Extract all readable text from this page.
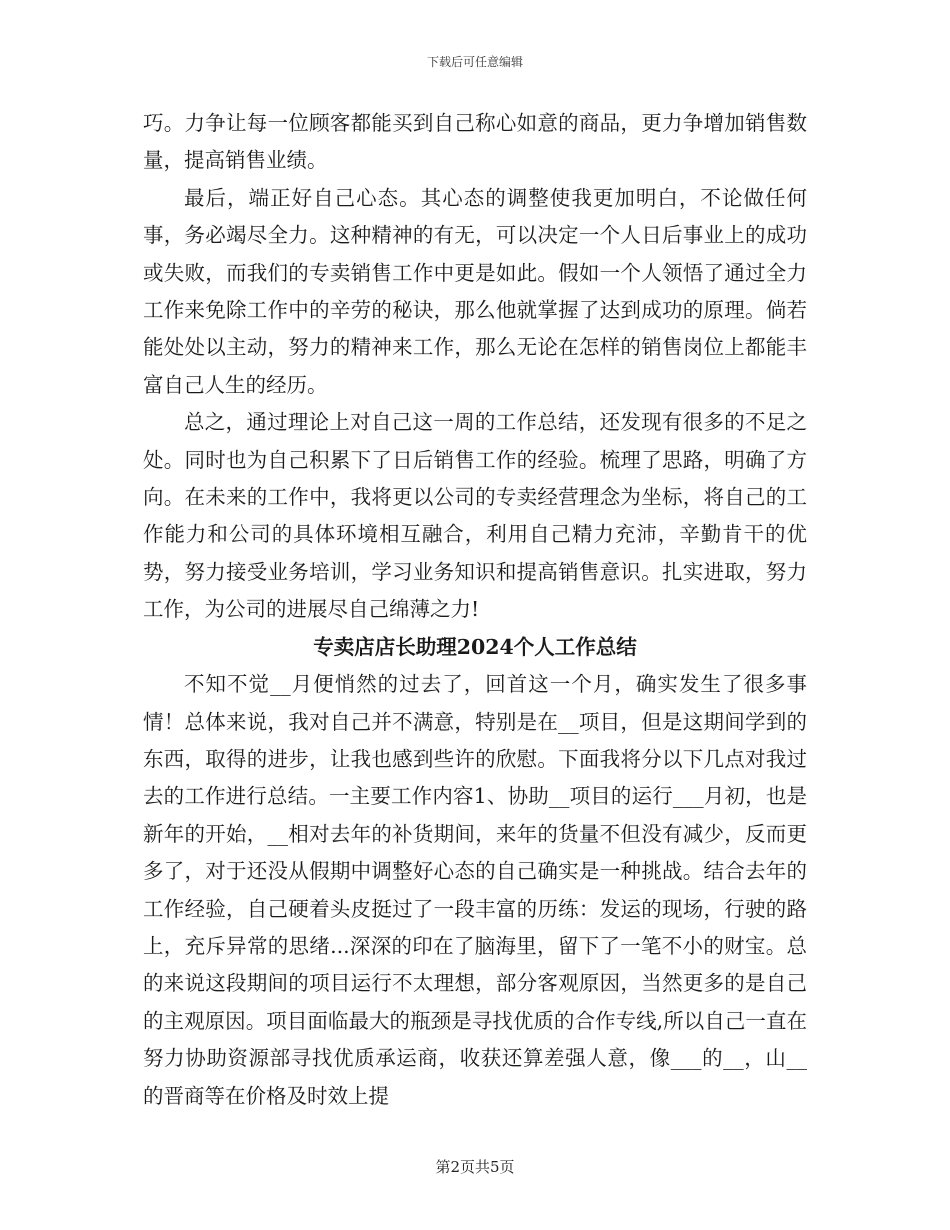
下载后可任意编辑

巧。力争让每一位顾客都能买到自己称心如意的商品，更力争增加销售数量，提高销售业绩。

最后，端正好自己心态。其心态的调整使我更加明白，不论做任何事，务必竭尽全力。这种精神的有无，可以决定一个人日后事业上的成功或失败，而我们的专卖销售工作中更是如此。假如一个人领悟了通过全力工作来免除工作中的辛劳的秘诀，那么他就掌握了达到成功的原理。倘若能处处以主动，努力的精神来工作，那么无论在怎样的销售岗位上都能丰富自己人生的经历。

总之，通过理论上对自己这一周的工作总结，还发现有很多的不足之处。同时也为自己积累下了日后销售工作的经验。梳理了思路，明确了方向。在未来的工作中，我将更以公司的专卖经营理念为坐标，将自己的工作能力和公司的具体环境相互融合，利用自己精力充沛，辛勤肯干的优势，努力接受业务培训，学习业务知识和提高销售意识。扎实进取，努力工作，为公司的进展尽自己绵薄之力!

专卖店店长助理2024个人工作总结

不知不觉__月便悄然的过去了，回首这一个月，确实发生了很多事情！总体来说，我对自己并不满意，特别是在__项目，但是这期间学到的东西，取得的进步，让我也感到些许的欣慰。下面我将分以下几点对我过去的工作进行总结。一主要工作内容1、协助__项目的运行___月初，也是新年的开始，__相对去年的补货期间，来年的货量不但没有减少，反而更多了，对于还没从假期中调整好心态的自己确实是一种挑战。结合去年的工作经验，自己硬着头皮挺过了一段丰富的历练：发运的现场，行驶的路上，充斥异常的思绪...深深的印在了脑海里，留下了一笔不小的财宝。总的来说这段期间的项目运行不太理想，部分客观原因，当然更多的是自己的主观原因。项目面临最大的瓶颈是寻找优质的合作专线,所以自己一直在努力协助资源部寻找优质承运商，收获还算差强人意，像___的__，山__的晋商等在价格及时效上提

第2页共5页
